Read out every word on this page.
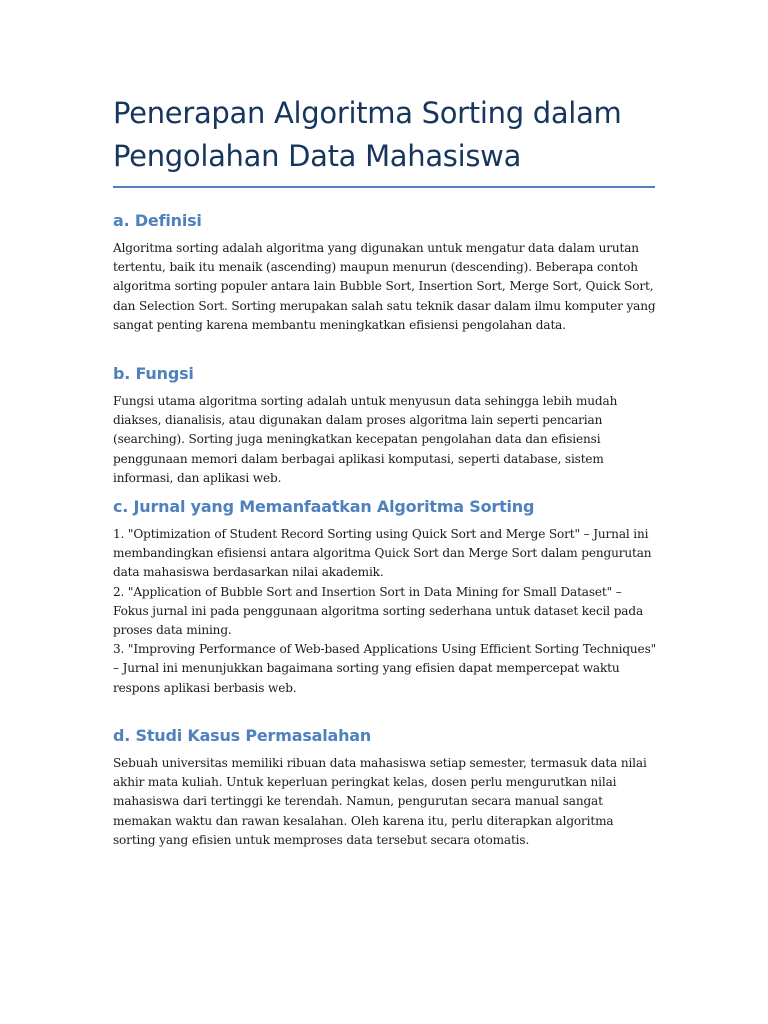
Penerapan Algoritma Sorting dalam
Pengolahan Data Mahasiswa
a. Definisi

Algoritma sorting adalah algoritma yang digunakan untuk mengatur data dalam urutan tertentu, baik itu menaik (ascending) maupun menurun (descending). Beberapa contoh algoritma sorting populer antara lain Bubble Sort, Insertion Sort, Merge Sort, Quick Sort, dan Selection Sort. Sorting merupakan salah satu teknik dasar dalam ilmu komputer yang sangat penting karena membantu meningkatkan efisiensi pengolahan data.

b. Fungsi

Fungsi utama algoritma sorting adalah untuk menyusun data sehingga lebih mudah diakses, dianalisis, atau digunakan dalam proses algoritma lain seperti pencarian (searching). Sorting juga meningkatkan kecepatan pengolahan data dan efisiensi penggunaan memori dalam berbagai aplikasi komputasi, seperti database, sistem informasi, dan aplikasi web.

c. Jurnal yang Memanfaatkan Algoritma Sorting

1. "Optimization of Student Record Sorting using Quick Sort and Merge Sort" – Jurnal ini membandingkan efisiensi antara algoritma Quick Sort dan Merge Sort dalam pengurutan data mahasiswa berdasarkan nilai akademik.
2. "Application of Bubble Sort and Insertion Sort in Data Mining for Small Dataset" – Fokus jurnal ini pada penggunaan algoritma sorting sederhana untuk dataset kecil pada proses data mining.
3. "Improving Performance of Web-based Applications Using Efficient Sorting Techniques" – Jurnal ini menunjukkan bagaimana sorting yang efisien dapat mempercepat waktu respons aplikasi berbasis web.

d. Studi Kasus Permasalahan

Sebuah universitas memiliki ribuan data mahasiswa setiap semester, termasuk data nilai akhir mata kuliah. Untuk keperluan peringkat kelas, dosen perlu mengurutkan nilai mahasiswa dari tertinggi ke terendah. Namun, pengurutan secara manual sangat memakan waktu dan rawan kesalahan. Oleh karena itu, perlu diterapkan algoritma sorting yang efisien untuk memproses data tersebut secara otomatis.
